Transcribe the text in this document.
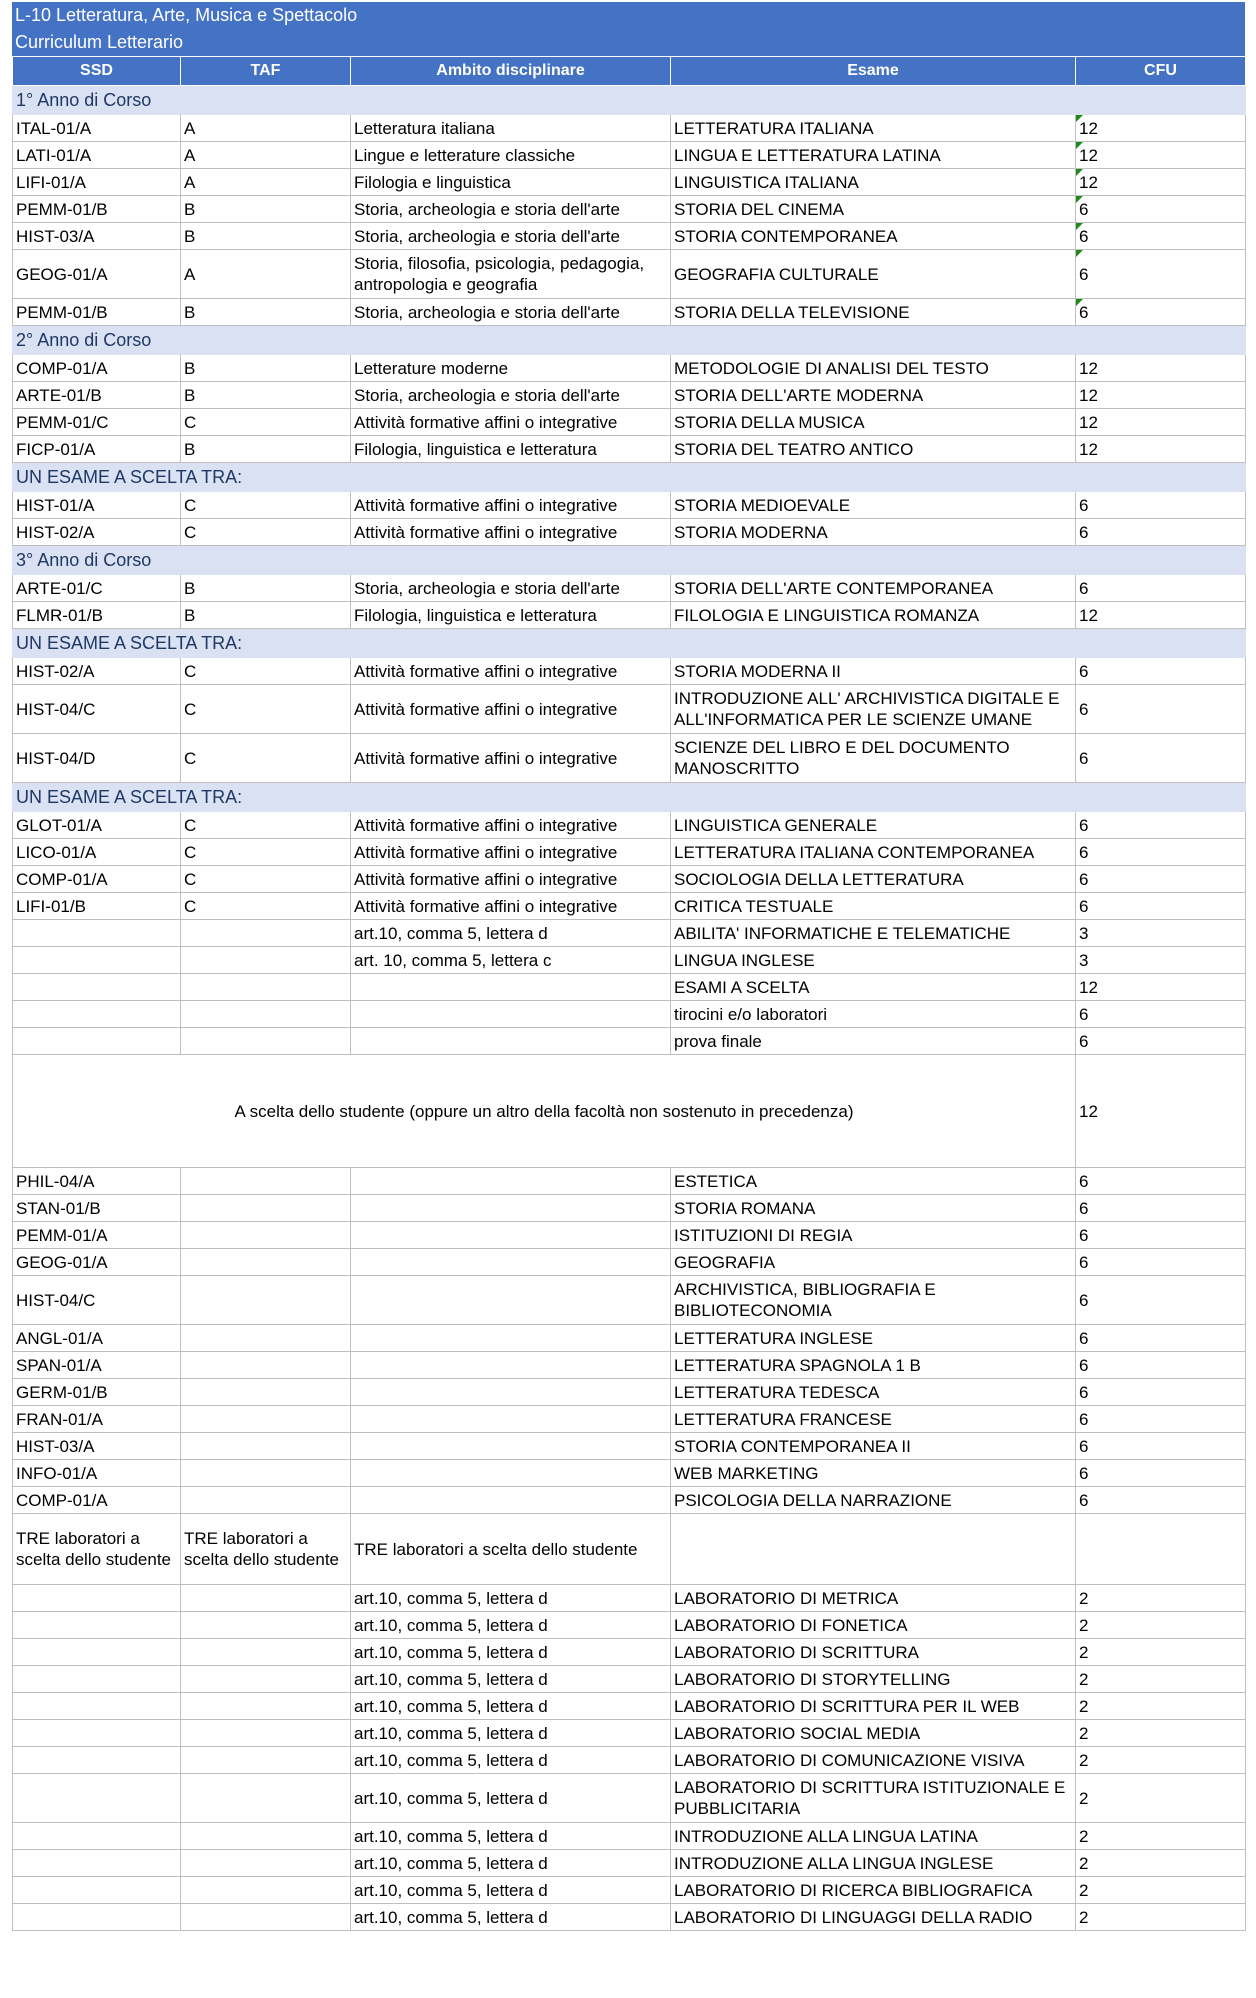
L-10 Letteratura, Arte, Musica e Spettacolo
Curriculum Letterario
SSD	TAF	Ambito disciplinare	Esame	CFU
1° Anno di Corso				
ITAL-01/A	A	Letteratura italiana	LETTERATURA ITALIANA	12
LATI-01/A	A	Lingue e letterature classiche	LINGUA E LETTERATURA LATINA	12
LIFI-01/A	A	Filologia e linguistica	LINGUISTICA ITALIANA	12
PEMM-01/B	B	Storia, archeologia e storia dell'arte	STORIA DEL CINEMA	6
HIST-03/A	B	Storia, archeologia e storia dell'arte	STORIA CONTEMPORANEA	6
GEOG-01/A	A	Storia, filosofia, psicologia, pedagogia, antropologia e geografia	GEOGRAFIA CULTURALE	6
PEMM-01/B	B	Storia, archeologia e storia dell'arte	STORIA DELLA TELEVISIONE	6
2° Anno di Corso				
COMP-01/A	B	Letterature moderne	METODOLOGIE DI ANALISI DEL TESTO	12
ARTE-01/B	B	Storia, archeologia e storia dell'arte	STORIA DELL'ARTE MODERNA	12
PEMM-01/C	C	Attività formative affini o integrative	STORIA DELLA MUSICA	12
FICP-01/A	B	Filologia, linguistica e letteratura	STORIA DEL TEATRO ANTICO	12
UN ESAME A SCELTA TRA:				
HIST-01/A	C	Attività formative affini o integrative	STORIA MEDIOEVALE	6
HIST-02/A	C	Attività formative affini o integrative	STORIA MODERNA	6
3° Anno di Corso				
ARTE-01/C	B	Storia, archeologia e storia dell'arte	STORIA DELL'ARTE CONTEMPORANEA	6
FLMR-01/B	B	Filologia, linguistica e letteratura	FILOLOGIA E LINGUISTICA ROMANZA	12
UN ESAME A SCELTA TRA:				
HIST-02/A	C	Attività formative affini o integrative	STORIA MODERNA II	6
HIST-04/C	C	Attività formative affini o integrative	INTRODUZIONE ALL' ARCHIVISTICA DIGITALE E ALL'INFORMATICA PER LE SCIENZE UMANE	6
HIST-04/D	C	Attività formative affini o integrative	SCIENZE DEL LIBRO E DEL DOCUMENTO MANOSCRITTO	6
UN ESAME A SCELTA TRA:				
GLOT-01/A	C	Attività formative affini o integrative	LINGUISTICA GENERALE	6
LICO-01/A	C	Attività formative affini o integrative	LETTERATURA ITALIANA CONTEMPORANEA	6
COMP-01/A	C	Attività formative affini o integrative	SOCIOLOGIA DELLA LETTERATURA	6
LIFI-01/B	C	Attività formative affini o integrative	CRITICA TESTUALE	6
		art.10, comma 5, lettera d	ABILITA' INFORMATICHE E TELEMATICHE	3
		art. 10, comma 5, lettera c	LINGUA INGLESE	3
			ESAMI A SCELTA	12
			tirocini e/o laboratori	6
			prova finale	6
A scelta dello studente (oppure un altro della facoltà non sostenuto in precedenza)				12
PHIL-04/A			ESTETICA	6
STAN-01/B			STORIA ROMANA	6
PEMM-01/A			ISTITUZIONI DI REGIA	6
GEOG-01/A			GEOGRAFIA	6
HIST-04/C			ARCHIVISTICA, BIBLIOGRAFIA E BIBLIOTECONOMIA	6
ANGL-01/A			LETTERATURA INGLESE	6
SPAN-01/A			LETTERATURA SPAGNOLA 1 B	6
GERM-01/B			LETTERATURA TEDESCA	6
FRAN-01/A			LETTERATURA FRANCESE	6
HIST-03/A			STORIA CONTEMPORANEA II	6
INFO-01/A			WEB MARKETING	6
COMP-01/A			PSICOLOGIA DELLA NARRAZIONE	6
TRE laboratori a scelta dello studente	TRE laboratori a scelta dello studente	TRE laboratori a scelta dello studente		
		art.10, comma 5, lettera d	LABORATORIO DI METRICA	2
		art.10, comma 5, lettera d	LABORATORIO DI FONETICA	2
		art.10, comma 5, lettera d	LABORATORIO DI SCRITTURA	2
		art.10, comma 5, lettera d	LABORATORIO DI STORYTELLING	2
		art.10, comma 5, lettera d	LABORATORIO DI SCRITTURA PER IL WEB	2
		art.10, comma 5, lettera d	LABORATORIO SOCIAL MEDIA	2
		art.10, comma 5, lettera d	LABORATORIO DI COMUNICAZIONE VISIVA	2
		art.10, comma 5, lettera d	LABORATORIO DI SCRITTURA ISTITUZIONALE E PUBBLICITARIA	2
		art.10, comma 5, lettera d	INTRODUZIONE ALLA LINGUA LATINA	2
		art.10, comma 5, lettera d	INTRODUZIONE ALLA LINGUA INGLESE	2
		art.10, comma 5, lettera d	LABORATORIO DI RICERCA BIBLIOGRAFICA	2
		art.10, comma 5, lettera d	LABORATORIO DI LINGUAGGI DELLA RADIO	2
